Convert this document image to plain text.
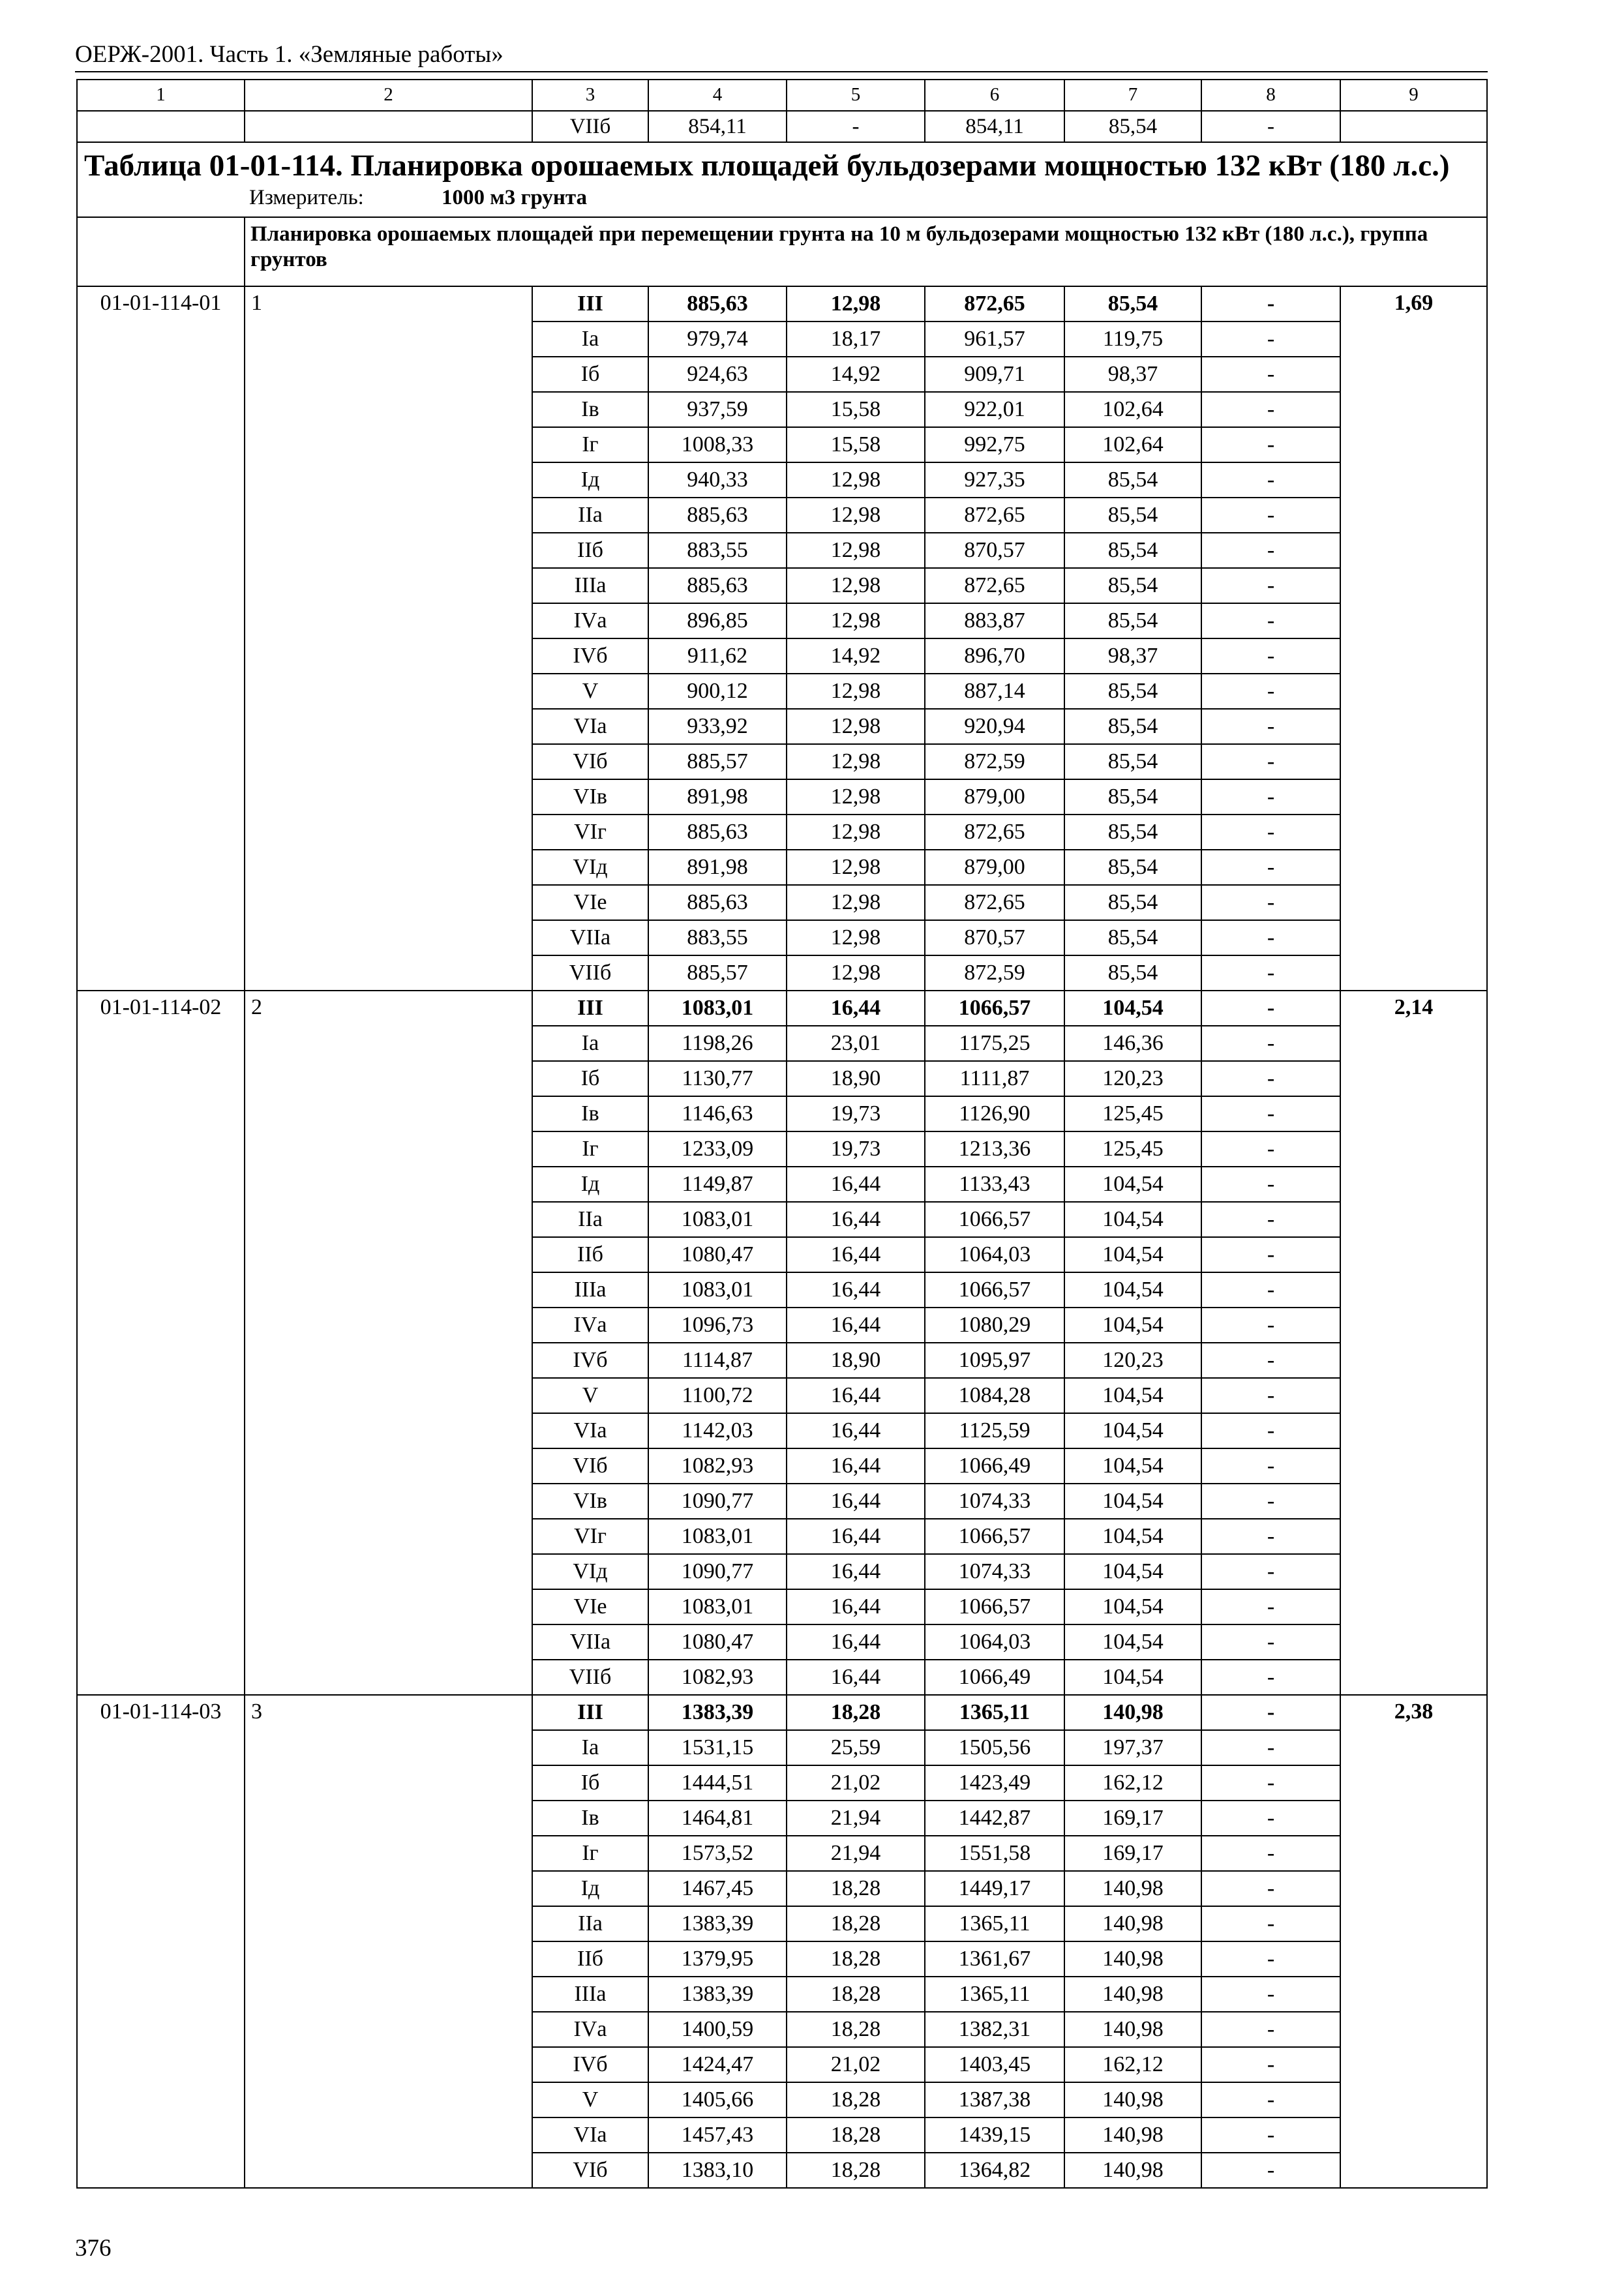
ОЕРЖ-2001. Часть 1. «Земляные работы»
1	2	3	4	5	6	7	8	9
		VIIб	854,11	-	854,11	85,54	-	

Таблица 01-01-114. Планировка орошаемых площадей бульдозерами мощностью 132 кВт (180 л.с.)
Измеритель: 1000 м3 грунта								

	Планировка орошаемых площадей при перемещении грунта на 10 м бульдозерами мощностью 132 кВт (180 л.с.), группа грунтов							
01-01-114-01	1	III	885,63	12,98	872,65	85,54	-	1,69
		Iа	979,74	18,17	961,57	119,75	-	
		Iб	924,63	14,92	909,71	98,37	-	
		Iв	937,59	15,58	922,01	102,64	-	
		Iг	1008,33	15,58	992,75	102,64	-	
		Iд	940,33	12,98	927,35	85,54	-	
		IIа	885,63	12,98	872,65	85,54	-	
		IIб	883,55	12,98	870,57	85,54	-	
		IIIа	885,63	12,98	872,65	85,54	-	
		IVа	896,85	12,98	883,87	85,54	-	
		IVб	911,62	14,92	896,70	98,37	-	
		V	900,12	12,98	887,14	85,54	-	
		VIа	933,92	12,98	920,94	85,54	-	
		VIб	885,57	12,98	872,59	85,54	-	
		VIв	891,98	12,98	879,00	85,54	-	
		VIг	885,63	12,98	872,65	85,54	-	
		VIд	891,98	12,98	879,00	85,54	-	
		VIе	885,63	12,98	872,65	85,54	-	
		VIIа	883,55	12,98	870,57	85,54	-	
		VIIб	885,57	12,98	872,59	85,54	-	
01-01-114-02	2	III	1083,01	16,44	1066,57	104,54	-	2,14
		Iа	1198,26	23,01	1175,25	146,36	-	
		Iб	1130,77	18,90	1111,87	120,23	-	
		Iв	1146,63	19,73	1126,90	125,45	-	
		Iг	1233,09	19,73	1213,36	125,45	-	
		Iд	1149,87	16,44	1133,43	104,54	-	
		IIа	1083,01	16,44	1066,57	104,54	-	
		IIб	1080,47	16,44	1064,03	104,54	-	
		IIIа	1083,01	16,44	1066,57	104,54	-	
		IVа	1096,73	16,44	1080,29	104,54	-	
		IVб	1114,87	18,90	1095,97	120,23	-	
		V	1100,72	16,44	1084,28	104,54	-	
		VIа	1142,03	16,44	1125,59	104,54	-	
		VIб	1082,93	16,44	1066,49	104,54	-	
		VIв	1090,77	16,44	1074,33	104,54	-	
		VIг	1083,01	16,44	1066,57	104,54	-	
		VIд	1090,77	16,44	1074,33	104,54	-	
		VIе	1083,01	16,44	1066,57	104,54	-	
		VIIа	1080,47	16,44	1064,03	104,54	-	
		VIIб	1082,93	16,44	1066,49	104,54	-	
01-01-114-03	3	III	1383,39	18,28	1365,11	140,98	-	2,38
		Iа	1531,15	25,59	1505,56	197,37	-	
		Iб	1444,51	21,02	1423,49	162,12	-	
		Iв	1464,81	21,94	1442,87	169,17	-	
		Iг	1573,52	21,94	1551,58	169,17	-	
		Iд	1467,45	18,28	1449,17	140,98	-	
		IIа	1383,39	18,28	1365,11	140,98	-	
		IIб	1379,95	18,28	1361,67	140,98	-	
		IIIа	1383,39	18,28	1365,11	140,98	-	
		IVа	1400,59	18,28	1382,31	140,98	-	
		IVб	1424,47	21,02	1403,45	162,12	-	
		V	1405,66	18,28	1387,38	140,98	-	
		VIа	1457,43	18,28	1439,15	140,98	-	
		VIб	1383,10	18,28	1364,82	140,98	-	
376
